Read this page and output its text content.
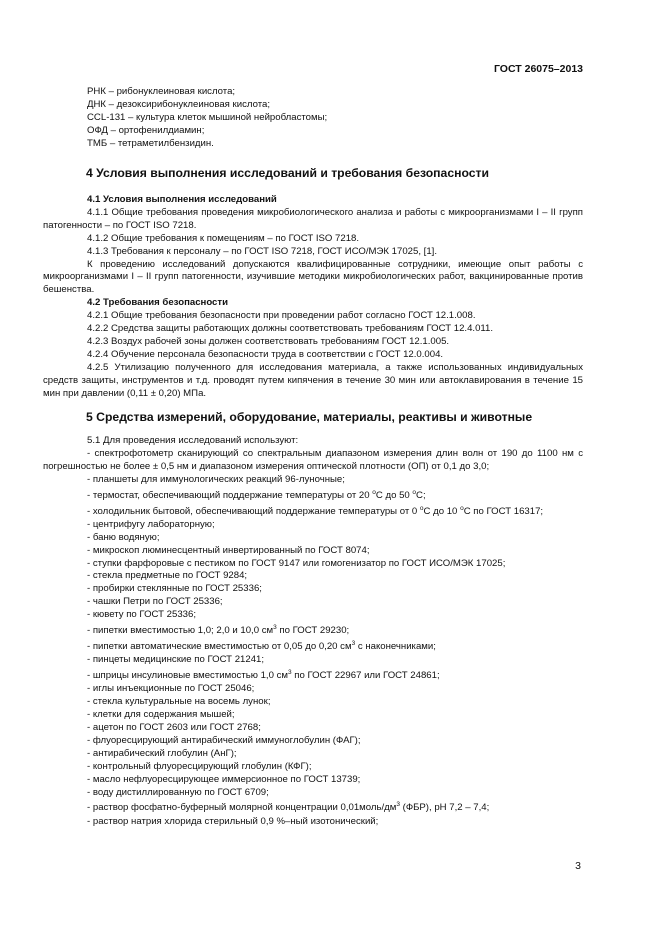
ГОСТ 26075–2013
РНК – рибонуклеиновая кислота;
ДНК – дезоксирибонуклеиновая кислота;
ССL-131 – культура клеток мышиной нейробластомы;
ОФД – ортофенилдиамин;
ТМБ – тетраметилбензидин.
4 Условия выполнения исследований и требования безопасности
4.1 Условия выполнения исследований

4.1.1 Общие требования проведения микробиологического анализа и работы с микроорганизмами I – II групп патогенности – по ГОСТ ISO 7218.

4.1.2 Общие требования к помещениям – по ГОСТ ISO 7218.

4.1.3 Требования к персоналу – по ГОСТ ISO 7218, ГОСТ ИСО/МЭК 17025, [1].

К проведению исследований допускаются квалифицированные сотрудники, имеющие опыт работы с микроорганизмами I – II групп патогенности, изучившие методики микробиологических работ, вакцинированные против бешенства.

4.2 Требования безопасности

4.2.1 Общие требования безопасности при проведении работ согласно ГОСТ 12.1.008.

4.2.2 Средства защиты работающих должны соответствовать требованиям ГОСТ 12.4.011.

4.2.3 Воздух рабочей зоны должен соответствовать требованиям ГОСТ 12.1.005.

4.2.4 Обучение персонала безопасности труда в соответствии с ГОСТ 12.0.004.

4.2.5 Утилизацию полученного для исследования материала, а также использованных индивидуальных средств защиты, инструментов и т.д. проводят путем кипячения в течение 30 мин или автоклавирования в течение 15 мин при давлении (0,11 ± 0,20) МПа.

5 Средства измерений, оборудование, материалы, реактивы и животные

5.1 Для проведения исследований используют:

- спектрофотометр сканирующий со спектральным диапазоном измерения длин волн от 190 до 1100 нм с погрешностью не более ± 0,5 нм и диапазоном измерения оптической плотности (ОП) от 0,1 до 3,0;

- планшеты для иммунологических реакций 96-луночные;
- термостат, обеспечивающий поддержание температуры от 20 $^о$С до 50 $^о$С;

- холодильник бытовой, обеспечивающий поддержание температуры от 0 $^о$С до 10 $^о$С по ГОСТ 16317;

- центрифугу лабораторную;
- баню водяную;
- микроскоп люминесцентный инвертированный по ГОСТ 8074;
- ступки фарфоровые с пестиком по ГОСТ 9147 или гомогенизатор по ГОСТ ИСО/МЭК 17025;
- стекла предметные по ГОСТ 9284;
- пробирки стеклянные по ГОСТ 25336;
- чашки Петри по ГОСТ 25336;
- кювету по ГОСТ 25336;
- пипетки вместимостью 1,0; 2,0 и 10,0 $см^3$ по ГОСТ 29230;
- пипетки автоматические вместимостью от 0,05 до 0,20 $см^3$ с наконечниками;
- пинцеты медицинские по ГОСТ 21241;
- шприцы инсулиновые вместимостью 1,0 $см^3$ по ГОСТ 22967 или ГОСТ 24861;
- иглы инъекционные по ГОСТ 25046;
- стекла культуральные на восемь лунок;
- клетки для содержания мышей;
- ацетон по ГОСТ 2603 или ГОСТ 2768;
- флуоресцирующий антирабический иммуноглобулин (ФАГ);
- антирабический глобулин (АнГ);
- контрольный флуоресцирующий глобулин (КФГ);
- масло нефлуоресцирующее иммерсионное по ГОСТ 13739;
- воду дистиллированную по ГОСТ 6709;
- раствор фосфатно-буферный молярной концентрации $0,01моль/дм^3$ (ФБР), pH 7,2 – 7,4;
- раствор натрия хлорида стерильный 0,9 %–ный изотонический;
3
